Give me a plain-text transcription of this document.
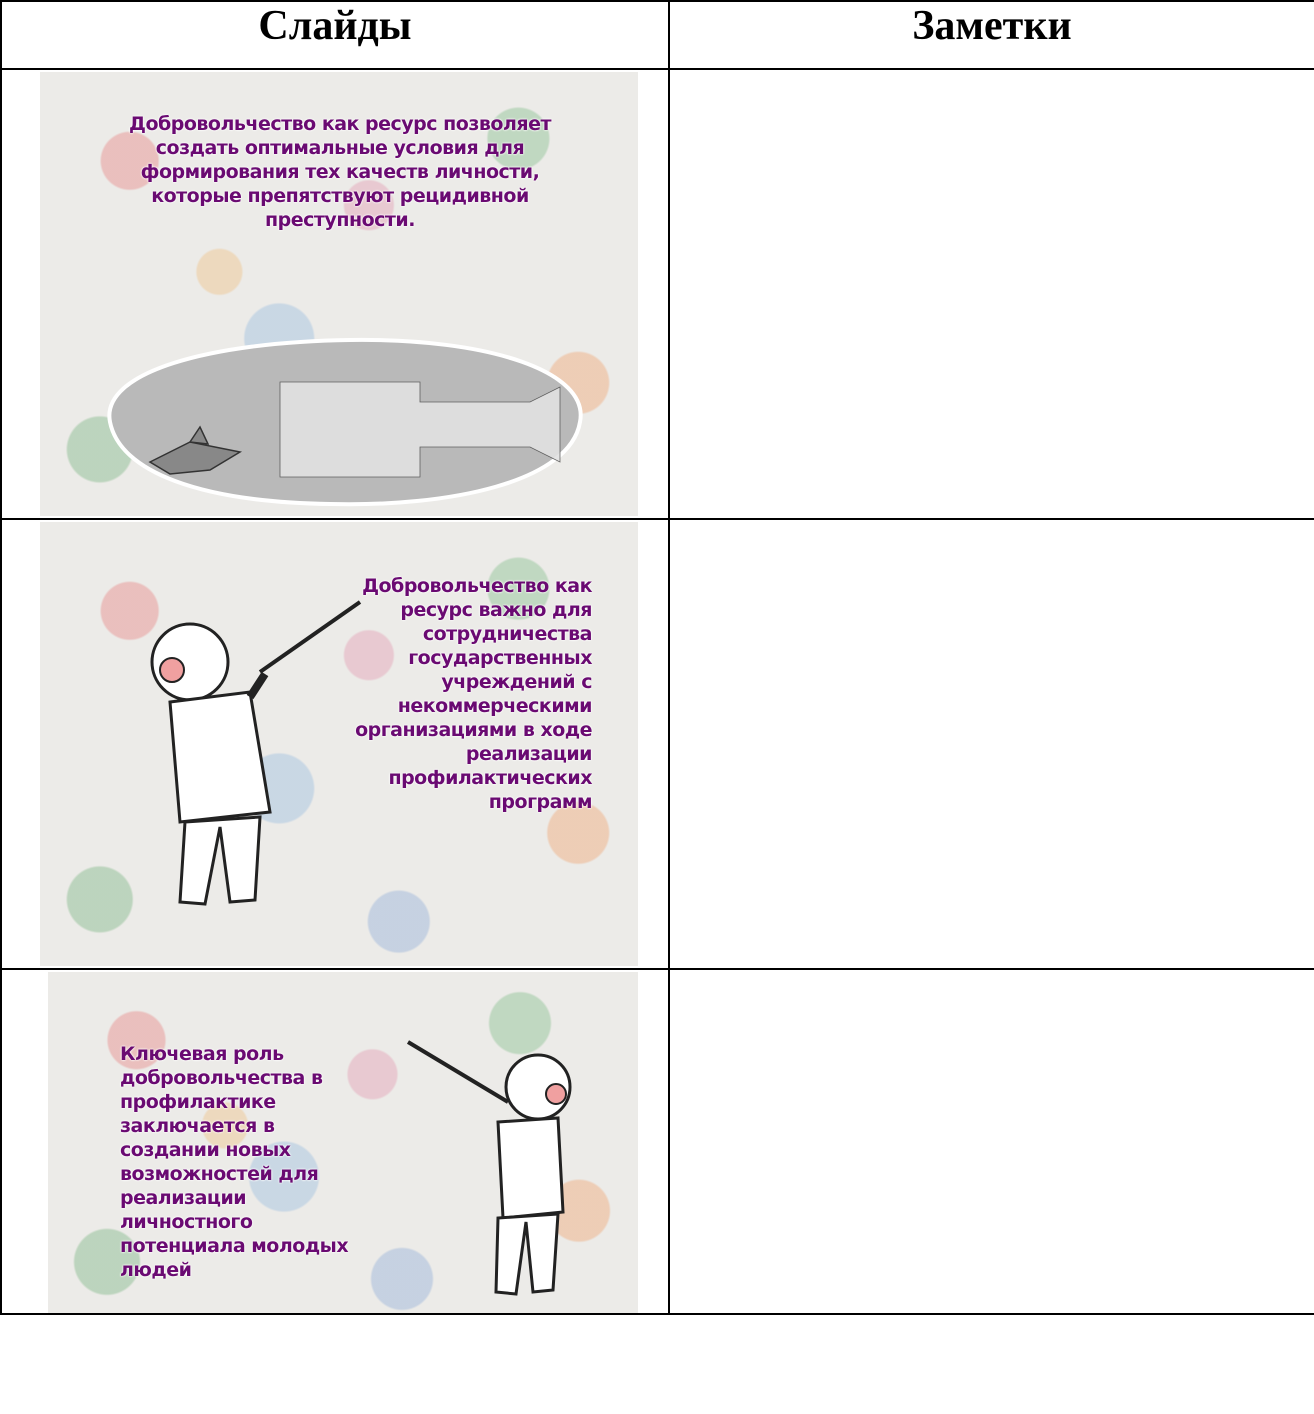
Слайды	Заметки

Добровольчество как ресурс позволяет создать оптимальные условия для формирования тех качеств личности, которые препятствуют рецидивной преступности.	

Добровольчество как ресурс важно для сотрудничества государственных учреждений с некоммерческими организациями в ходе реализации профилактических программ	

Ключевая роль добровольчества в профилактике заключается в создании новых возможностей для реализации личностного потенциала молодых людей	
